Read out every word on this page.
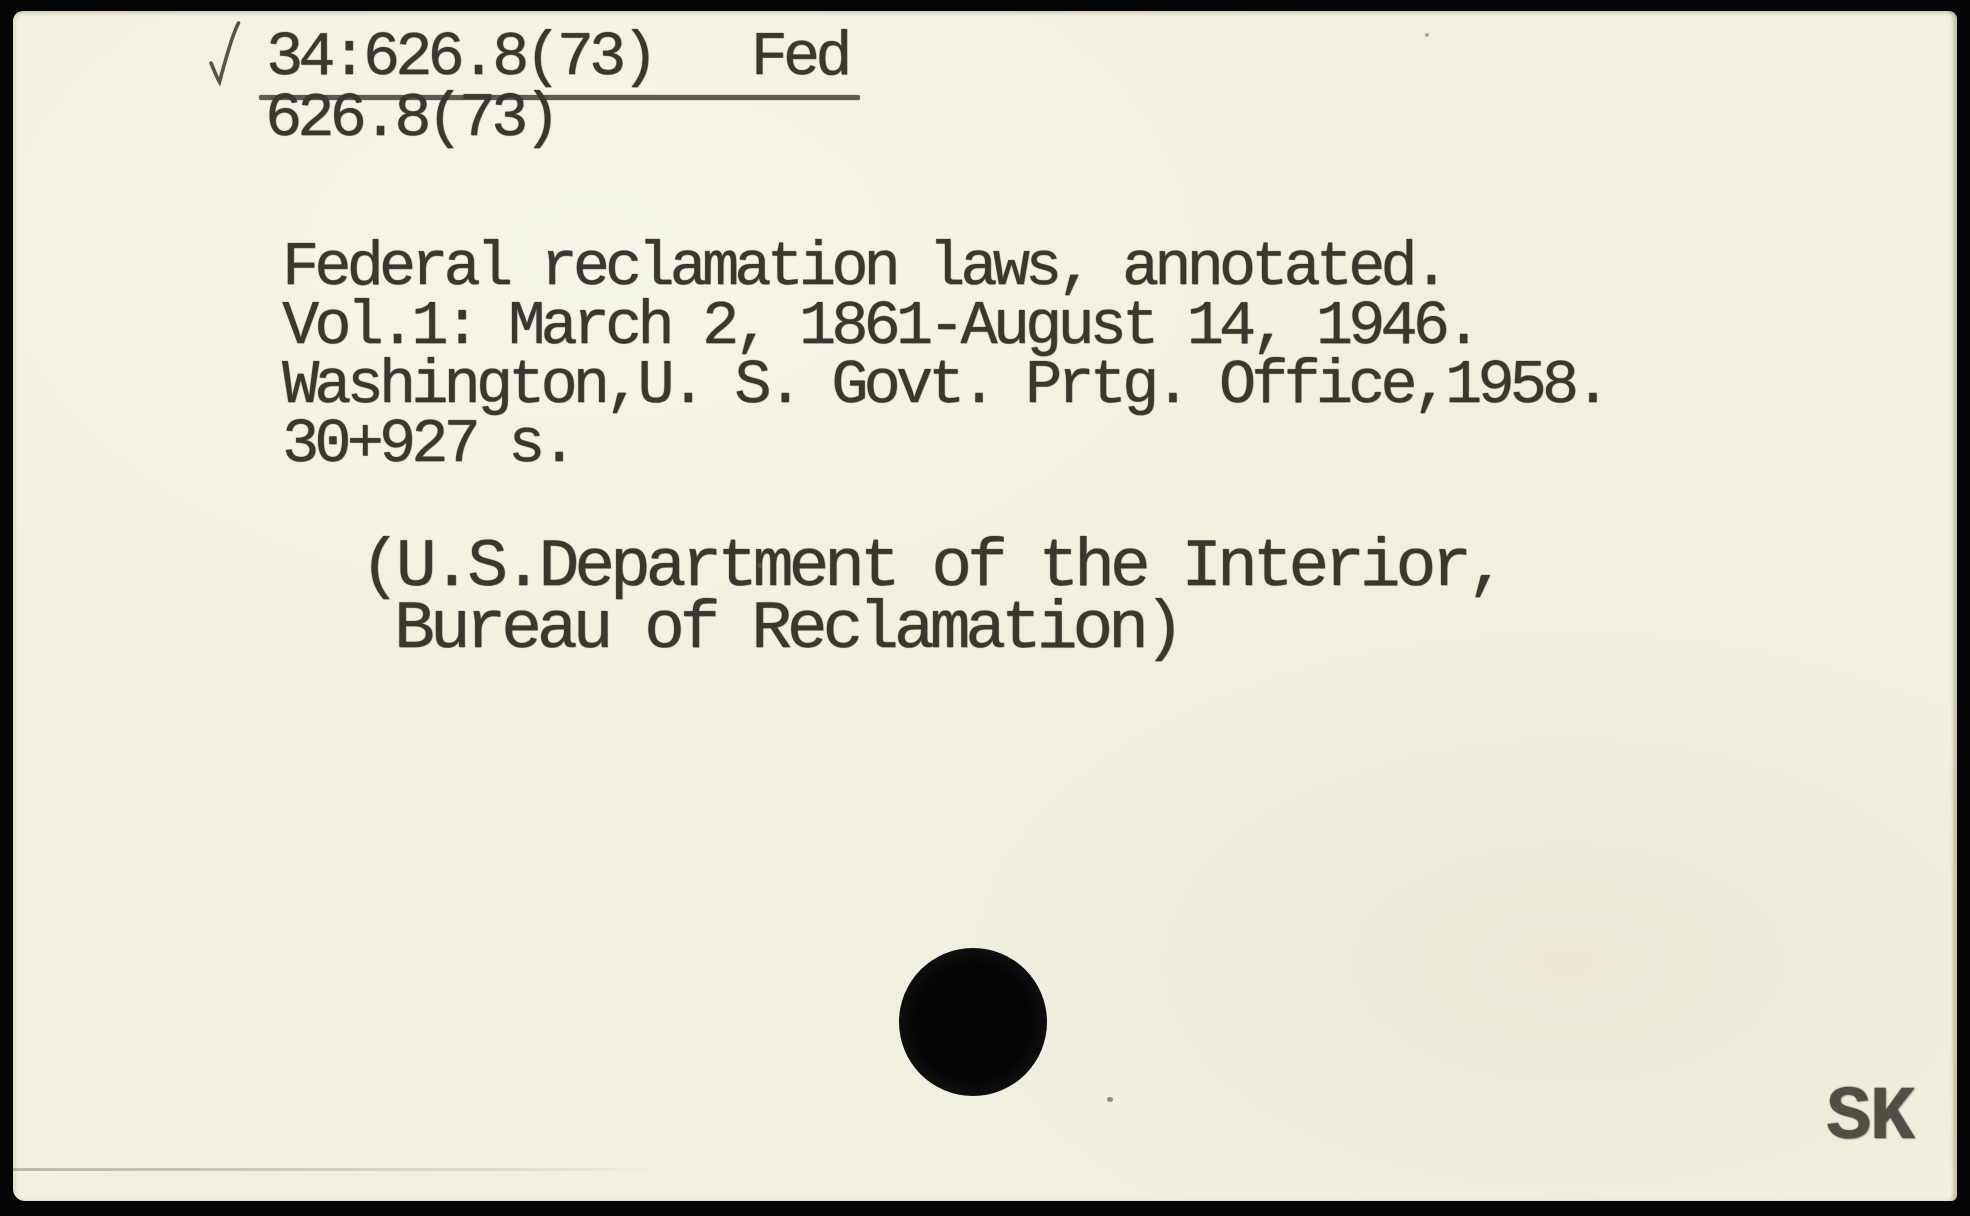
34:626.8(73)   Fed
626.8(73)
Federal reclamation laws, annotated.
Vol.1: March 2, 1861-August 14, 1946.
Washington,U. S. Govt. Prtg. Office,1958.
30+927 s.
(U.S.Department of the Interior,
Bureau of Reclamation)
SK
